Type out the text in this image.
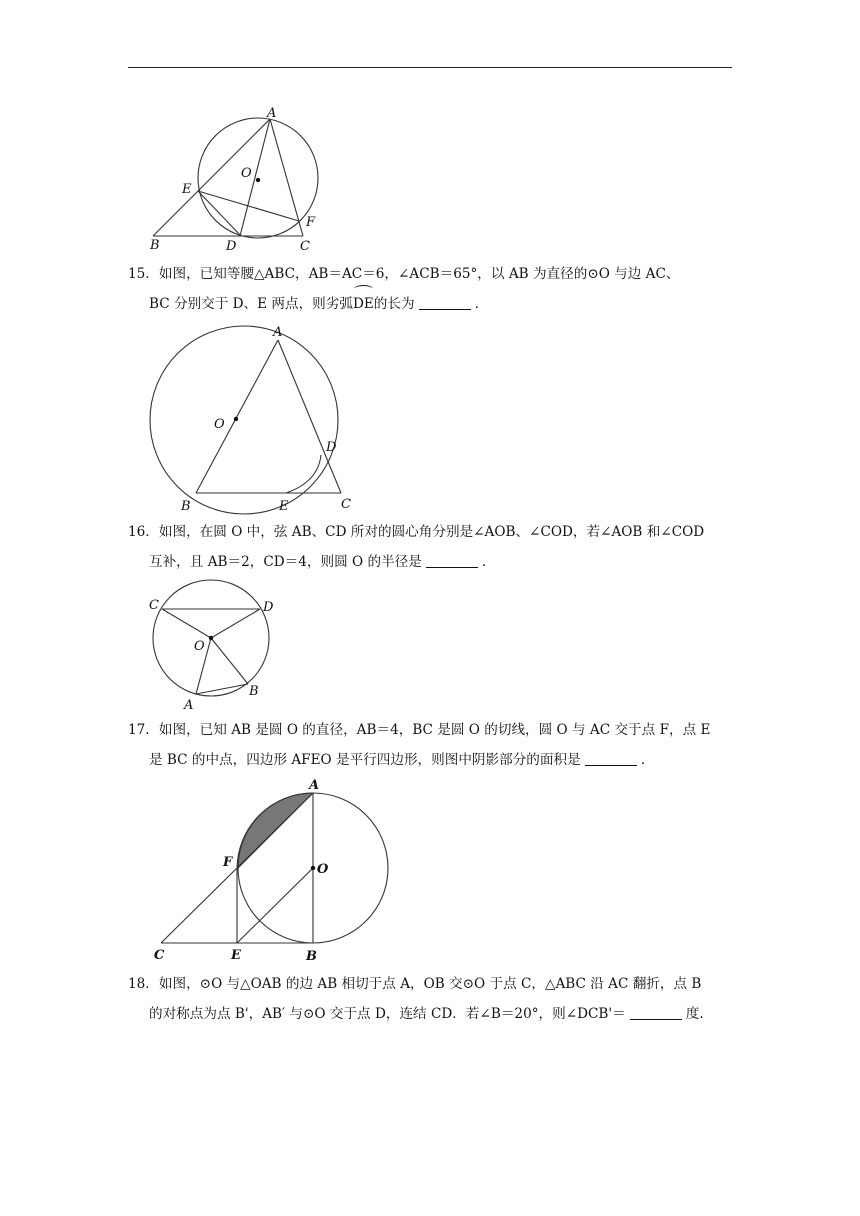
A
O
E
F
B	D	C
15．如图，已知等腰△ABC，AB＝AC＝6，∠ACB＝65°，以 AB 为直径的⊙O 与边 AC、
BC 分别交于 D、E 两点，则劣弧DE的长为	.
A
O
D
B	E	C
16．如图，在圆 O 中，弦 AB、CD 所对的圆心角分别是∠AOB、∠COD，若∠AOB 和∠COD
互补，且 AB＝2，CD＝4，则圆 O 的半径是	.
C	D
O
A
B
17．如图，已知 AB 是圆 O 的直径，AB＝4，BC 是圆 O 的切线，圆 O 与 AC 交于点 F，点 E
是 BC 的中点，四边形 AFEO 是平行四边形，则图中阴影部分的面积是	.
A
F	O
C	E	B
18．如图，⊙O 与△OAB 的边 AB 相切于点 A，OB 交⊙O 于点 C，△ABC 沿 AC 翻折，点 B
的对称点为点 B'，AB′ 与⊙O 交于点 D，连结 CD．若∠B＝20°，则∠DCB'＝	度.
